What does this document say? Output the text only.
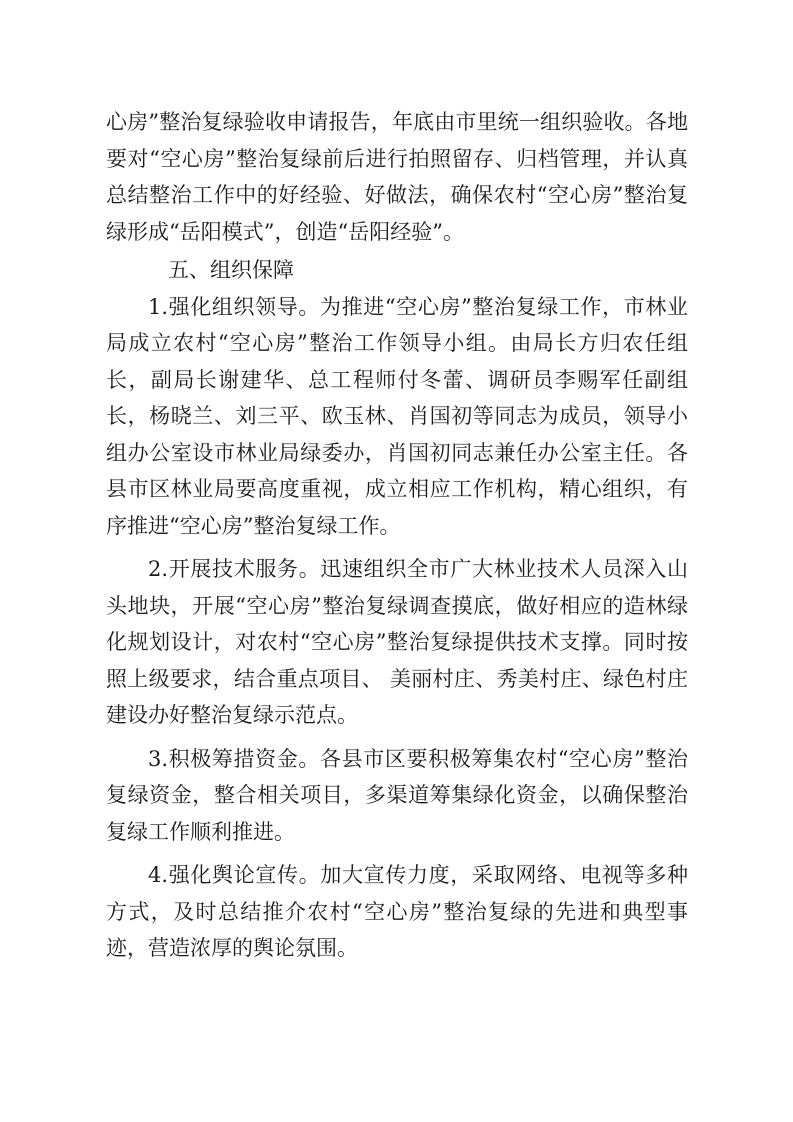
心房”整治复绿验收申请报告，年底由市里统一组织验收。各地要对“空心房”整治复绿前后进行拍照留存、归档管理，并认真总结整治工作中的好经验、好做法，确保农村“空心房”整治复绿形成“岳阳模式”，创造“岳阳经验”。

五、组织保障

1.强化组织领导。为推进“空心房”整治复绿工作，市林业局成立农村“空心房”整治工作领导小组。由局长方归农任组长，副局长谢建华、总工程师付冬蕾、调研员李赐军任副组长，杨晓兰、刘三平、欧玉林、肖国初等同志为成员，领导小组办公室设市林业局绿委办，肖国初同志兼任办公室主任。各县市区林业局要高度重视，成立相应工作机构，精心组织，有序推进“空心房”整治复绿工作。

2.开展技术服务。迅速组织全市广大林业技术人员深入山头地块，开展“空心房”整治复绿调查摸底，做好相应的造林绿化规划设计，对农村“空心房”整治复绿提供技术支撑。同时按照上级要求，结合重点项目、 美丽村庄、秀美村庄、绿色村庄建设办好整治复绿示范点。

3.积极筹措资金。各县市区要积极筹集农村“空心房”整治复绿资金，整合相关项目，多渠道筹集绿化资金，以确保整治复绿工作顺利推进。

4.强化舆论宣传。加大宣传力度，采取网络、电视等多种方式，及时总结推介农村“空心房”整治复绿的先进和典型事迹，营造浓厚的舆论氛围。
